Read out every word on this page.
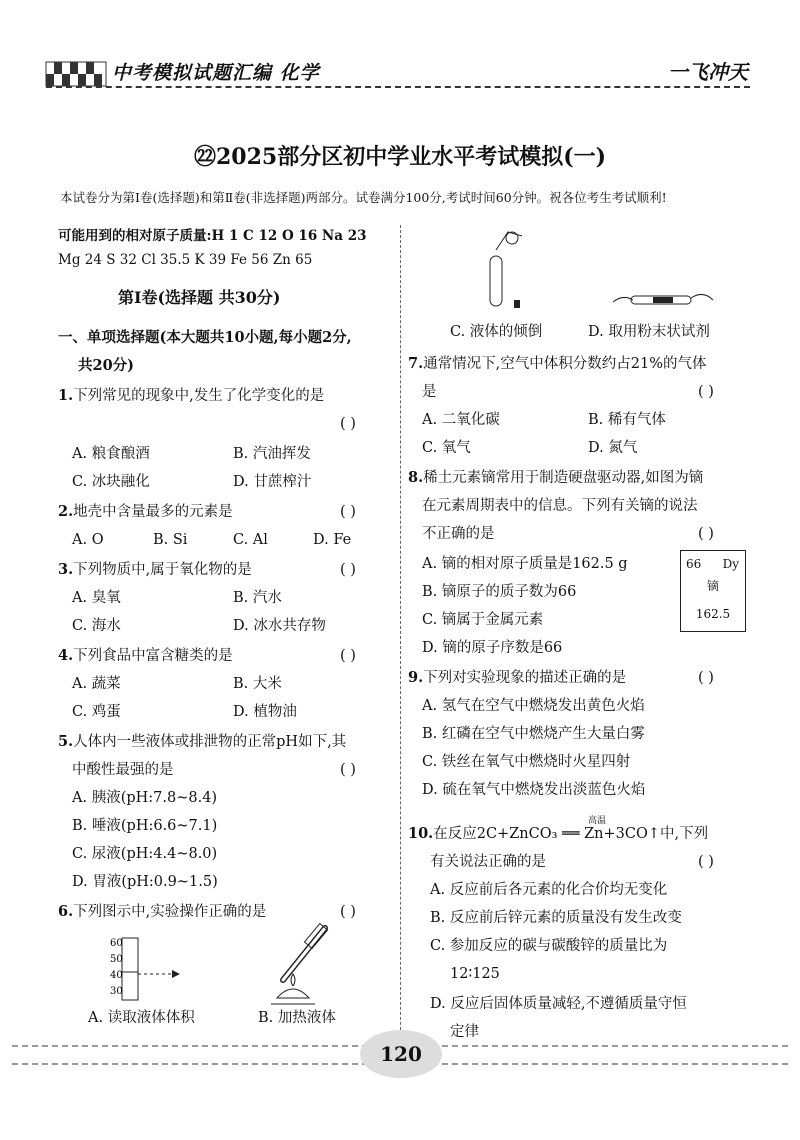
中考模拟试题汇编 化学	一飞冲天
㉒2025部分区初中学业水平考试模拟(一)
本试卷分为第Ⅰ卷(选择题)和第Ⅱ卷(非选择题)两部分。试卷满分100分,考试时间60分钟。祝各位考生考试顺利!
可能用到的相对原子质量:H 1 C 12 O 16 Na 23
Mg 24 S 32 Cl 35.5 K 39 Fe 56 Zn 65
第Ⅰ卷(选择题 共30分)
一、单项选择题(本大题共10小题,每小题2分,
共20分)
1.下列常见的现象中,发生了化学变化的是
( )
A. 粮食酿酒	B. 汽油挥发
C. 冰块融化	D. 甘蔗榨汁
2.地壳中含量最多的元素是	( )
A. O	B. Si	C. Al	D. Fe
3.下列物质中,属于氧化物的是	( )
A. 臭氧	B. 汽水
C. 海水	D. 冰水共存物
4.下列食品中富含糖类的是	( )
A. 蔬菜	B. 大米
C. 鸡蛋	D. 植物油
5.人体内一些液体或排泄物的正常pH如下,其
中酸性最强的是	( )
A. 胰液(pH:7.8~8.4)
B. 唾液(pH:6.6~7.1)
C. 尿液(pH:4.4~8.0)
D. 胃液(pH:0.9~1.5)
6.下列图示中,实验操作正确的是	( )
60
50
40
30
A. 读取液体体积	B. 加热液体
C. 液体的倾倒	D. 取用粉末状试剂
7.通常情况下,空气中体积分数约占21%的气体
是	( )
A. 二氧化碳	B. 稀有气体
C. 氧气	D. 氮气
8.稀土元素镝常用于制造硬盘驱动器,如图为镝
在元素周期表中的信息。下列有关镝的说法
不正确的是	( )
A. 镝的相对原子质量是162.5 g
B. 镝原子的质子数为66
C. 镝属于金属元素
D. 镝的原子序数是66
9.下列对实验现象的描述正确的是	( )
A. 氢气在空气中燃烧发出黄色火焰
B. 红磷在空气中燃烧产生大量白雾
C. 铁丝在氧气中燃烧时火星四射
D. 硫在氧气中燃烧发出淡蓝色火焰
高温
10.在反应2C+ZnCO₃ ══ Zn+3CO↑中,下列
有关说法正确的是	( )
A. 反应前后各元素的化合价均无变化
B. 反应前后锌元素的质量没有发生改变
C. 参加反应的碳与碳酸锌的质量比为
12∶125
D. 反应后固体质量减轻,不遵循质量守恒
定律
66 Dy
镝
162.5
120
